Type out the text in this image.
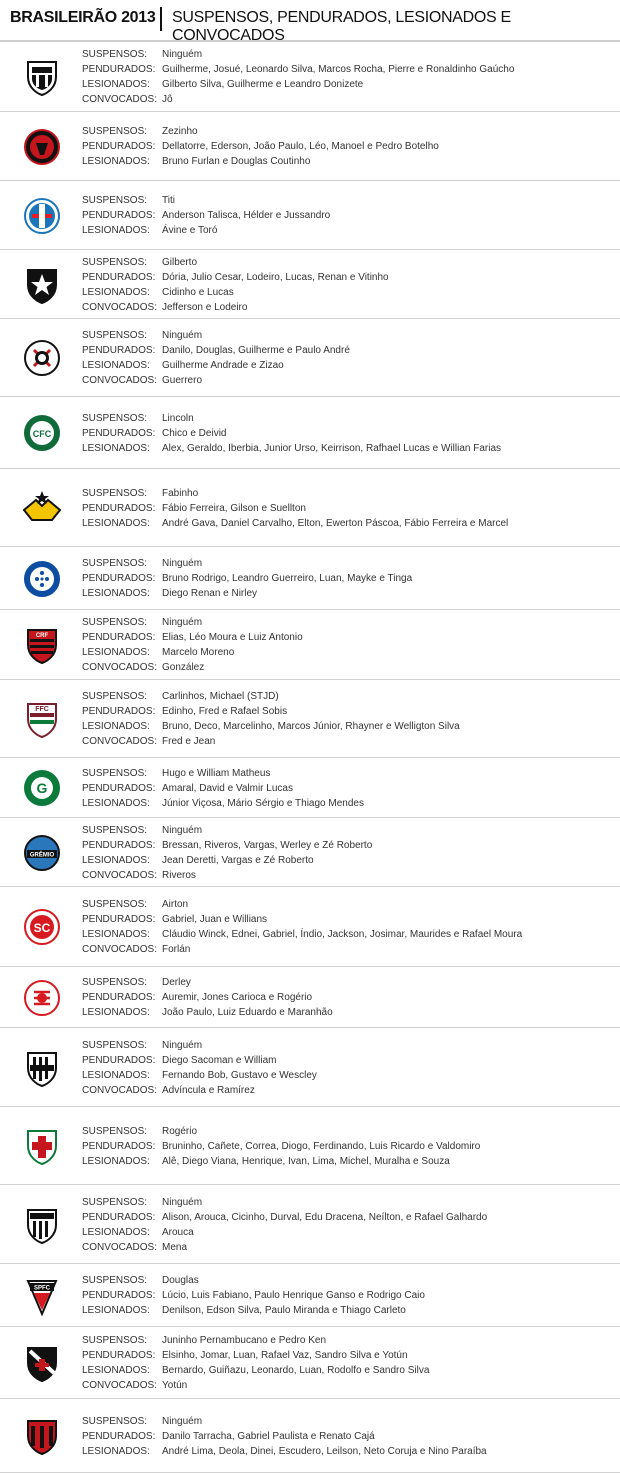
BRASILEIRÃO 2013 SUSPENSOS, PENDURADOS, LESIONADOS E CONVOCADOS
SUSPENSOS:	Ninguém
PENDURADOS: Guilherme, Josué, Leonardo Silva, Marcos Rocha, Pierre e Ronaldinho Gaúcho
LESIONADOS:	Gilberto Silva, Guilherme e Leandro Donizete
CONVOCADOS: Jô
SUSPENSOS:	Zezinho
PENDURADOS: Dellatorre, Ederson, João Paulo, Léo, Manoel e Pedro Botelho
LESIONADOS:	Bruno Furlan e Douglas Coutinho
SUSPENSOS:	Titi
PENDURADOS: Anderson Talisca, Hélder e Jussandro
LESIONADOS:	Ávine e Toró
SUSPENSOS:	Gilberto
PENDURADOS: Dória, Julio Cesar, Lodeiro, Lucas, Renan e Vitinho
LESIONADOS:	Cidinho e Lucas
CONVOCADOS: Jefferson e Lodeiro
SUSPENSOS:	Ninguém
PENDURADOS: Danilo, Douglas, Guilherme e Paulo André
LESIONADOS:	Guilherme Andrade e Zizao
CONVOCADOS: Guerrero
CFC
SUSPENSOS:	Lincoln
PENDURADOS: Chico e Deivid
LESIONADOS:	Alex, Geraldo, Iberbia, Junior Urso, Keirrison, Rafhael Lucas e Willian Farias
SUSPENSOS:	Fabinho
PENDURADOS: Fábio Ferreira, Gilson e Suellton
LESIONADOS:	André Gava, Daniel Carvalho, Elton, Ewerton Páscoa, Fábio Ferreira e Marcel
SUSPENSOS:	Ninguém
PENDURADOS: Bruno Rodrigo, Leandro Guerreiro, Luan, Mayke e Tinga
LESIONADOS:	Diego Renan e Nirley
CRF
SUSPENSOS:	Ninguém
PENDURADOS: Elias, Léo Moura e Luiz Antonio
LESIONADOS:	Marcelo Moreno
CONVOCADOS: González
FFC
SUSPENSOS:	Carlinhos, Michael (STJD)
PENDURADOS: Edinho, Fred e Rafael Sobis
LESIONADOS:	Bruno, Deco, Marcelinho, Marcos Júnior, Rhayner e Welligton Silva
CONVOCADOS: Fred e Jean
G
SUSPENSOS:	Hugo e William Matheus
PENDURADOS: Amaral, David e Valmir Lucas
LESIONADOS:	Júnior Viçosa, Mário Sérgio e Thiago Mendes
GRÊMIO
SUSPENSOS:	Ninguém
PENDURADOS: Bressan, Riveros, Vargas, Werley e Zé Roberto
LESIONADOS:	Jean Deretti, Vargas e Zé Roberto
CONVOCADOS: Riveros
SC
SUSPENSOS:	Airton
PENDURADOS: Gabriel, Juan e Willians
LESIONADOS:	Cláudio Winck, Ednei, Gabriel, Índio, Jackson, Josimar, Maurides e Rafael Moura
CONVOCADOS: Forlán
SUSPENSOS:	Derley
PENDURADOS: Auremir, Jones Carioca e Rogério
LESIONADOS:	João Paulo, Luiz Eduardo e Maranhão
SUSPENSOS:	Ninguém
PENDURADOS: Diego Sacoman e William
LESIONADOS:	Fernando Bob, Gustavo e Wescley
CONVOCADOS: Advíncula e Ramírez
SUSPENSOS:	Rogério
PENDURADOS: Bruninho, Cañete, Correa, Diogo, Ferdinando, Luis Ricardo e Valdomiro
LESIONADOS:	Alê, Diego Viana, Henrique, Ivan, Lima, Michel, Muralha e Souza
SUSPENSOS:	Ninguém
PENDURADOS: Alison, Arouca, Cicinho, Durval, Edu Dracena, Neílton, e Rafael Galhardo
LESIONADOS:	Arouca
CONVOCADOS: Mena
SPFC
SUSPENSOS:	Douglas
PENDURADOS: Lúcio, Luis Fabiano, Paulo Henrique Ganso e Rodrigo Caio
LESIONADOS:	Denilson, Edson Silva, Paulo Miranda e Thiago Carleto
SUSPENSOS:	Juninho Pernambucano e Pedro Ken
PENDURADOS: Elsinho, Jomar, Luan, Rafael Vaz, Sandro Silva e Yotún
LESIONADOS:	Bernardo, Guiñazu, Leonardo, Luan, Rodolfo e Sandro Silva
CONVOCADOS: Yotún
SUSPENSOS:	Ninguém
PENDURADOS: Danilo Tarracha, Gabriel Paulista e Renato Cajá
LESIONADOS:	André Lima, Deola, Dinei, Escudero, Leilson, Neto Coruja e Nino Paraíba
